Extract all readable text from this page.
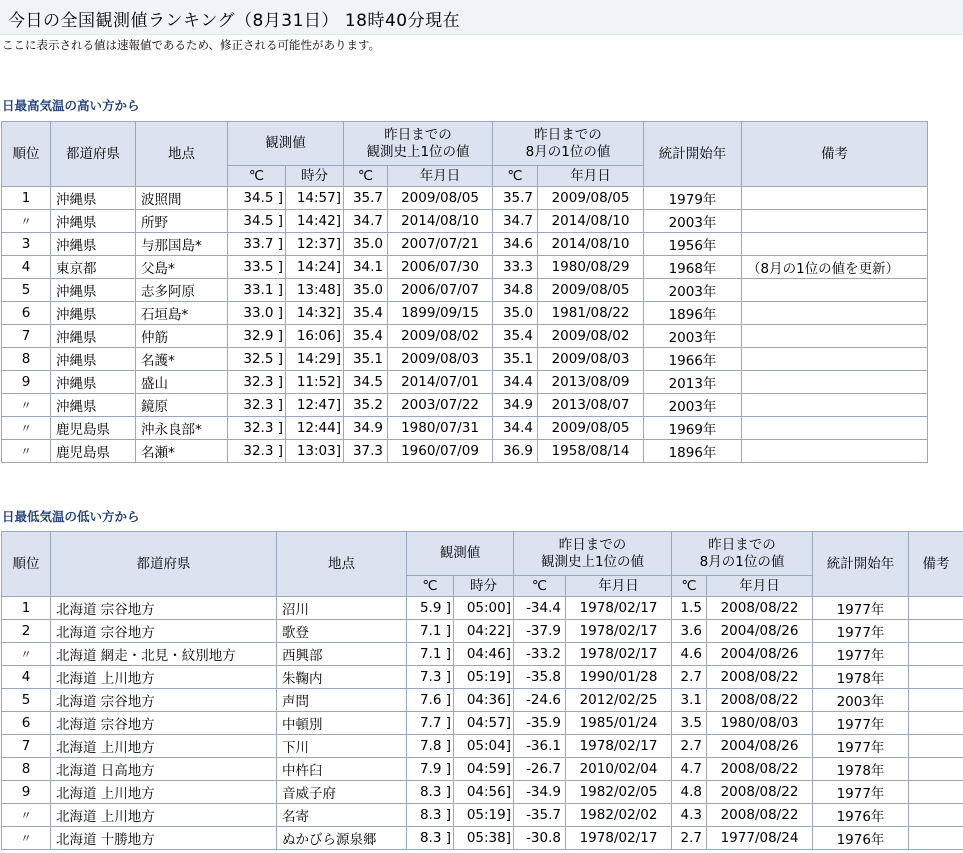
今日の全国観測値ランキング（8月31日） 18時40分現在
ここに表示される値は速報値であるため、修正される可能性があります。
日最高気温の高い方から
順位	都道府県	地点	観測値		昨日までの
観測史上1位の値		昨日までの
8月の1位の値		統計開始年	備考
			℃	時分	℃	年月日	℃	年月日		
1	沖縄県	波照間	34.5 ]	14:57]	35.7	2009/08/05	35.7	2009/08/05	1979年	
〃	沖縄県	所野	34.5 ]	14:42]	34.7	2014/08/10	34.7	2014/08/10	2003年	
3	沖縄県	与那国島*	33.7 ]	12:37]	35.0	2007/07/21	34.6	2014/08/10	1956年	
4	東京都	父島*	33.5 ]	14:24]	34.1	2006/07/30	33.3	1980/08/29	1968年	（8月の1位の値を更新）
5	沖縄県	志多阿原	33.1 ]	13:48]	35.0	2006/07/07	34.8	2009/08/05	2003年	
6	沖縄県	石垣島*	33.0 ]	14:32]	35.4	1899/09/15	35.0	1981/08/22	1896年	
7	沖縄県	仲筋	32.9 ]	16:06]	35.4	2009/08/02	35.4	2009/08/02	2003年	
8	沖縄県	名護*	32.5 ]	14:29]	35.1	2009/08/03	35.1	2009/08/03	1966年	
9	沖縄県	盛山	32.3 ]	11:52]	34.5	2014/07/01	34.4	2013/08/09	2013年	
〃	沖縄県	鏡原	32.3 ]	12:47]	35.2	2003/07/22	34.9	2013/08/07	2003年	
〃	鹿児島県	沖永良部*	32.3 ]	12:44]	34.9	1980/07/31	34.4	2009/08/05	1969年	
〃	鹿児島県	名瀬*	32.3 ]	13:03]	37.3	1960/07/09	36.9	1958/08/14	1896年	
日最低気温の低い方から
順位	都道府県	地点	観測値		昨日までの
観測史上1位の値		昨日までの
8月の1位の値		統計開始年	備考
			℃	時分	℃	年月日	℃	年月日		
1	北海道 宗谷地方	沼川	5.9 ]	05:00]	-34.4	1978/02/17	1.5	2008/08/22	1977年	
2	北海道 宗谷地方	歌登	7.1 ]	04:22]	-37.9	1978/02/17	3.6	2004/08/26	1977年	
〃	北海道 網走・北見・紋別地方	西興部	7.1 ]	04:46]	-33.2	1978/02/17	4.6	2004/08/26	1977年	
4	北海道 上川地方	朱鞠内	7.3 ]	05:19]	-35.8	1990/01/28	2.7	2008/08/22	1978年	
5	北海道 宗谷地方	声問	7.6 ]	04:36]	-24.6	2012/02/25	3.1	2008/08/22	2003年	
6	北海道 宗谷地方	中頓別	7.7 ]	04:57]	-35.9	1985/01/24	3.5	1980/08/03	1977年	
7	北海道 上川地方	下川	7.8 ]	05:04]	-36.1	1978/02/17	2.7	2004/08/26	1977年	
8	北海道 日高地方	中杵臼	7.9 ]	04:59]	-26.7	2010/02/04	4.7	2008/08/22	1978年	
9	北海道 上川地方	音威子府	8.3 ]	04:56]	-34.9	1982/02/05	4.8	2008/08/22	1977年	
〃	北海道 上川地方	名寄	8.3 ]	05:19]	-35.7	1982/02/02	4.3	2008/08/22	1976年	
〃	北海道 十勝地方	ぬかびら源泉郷	8.3 ]	05:38]	-30.8	1978/02/17	2.7	1977/08/24	1976年	
